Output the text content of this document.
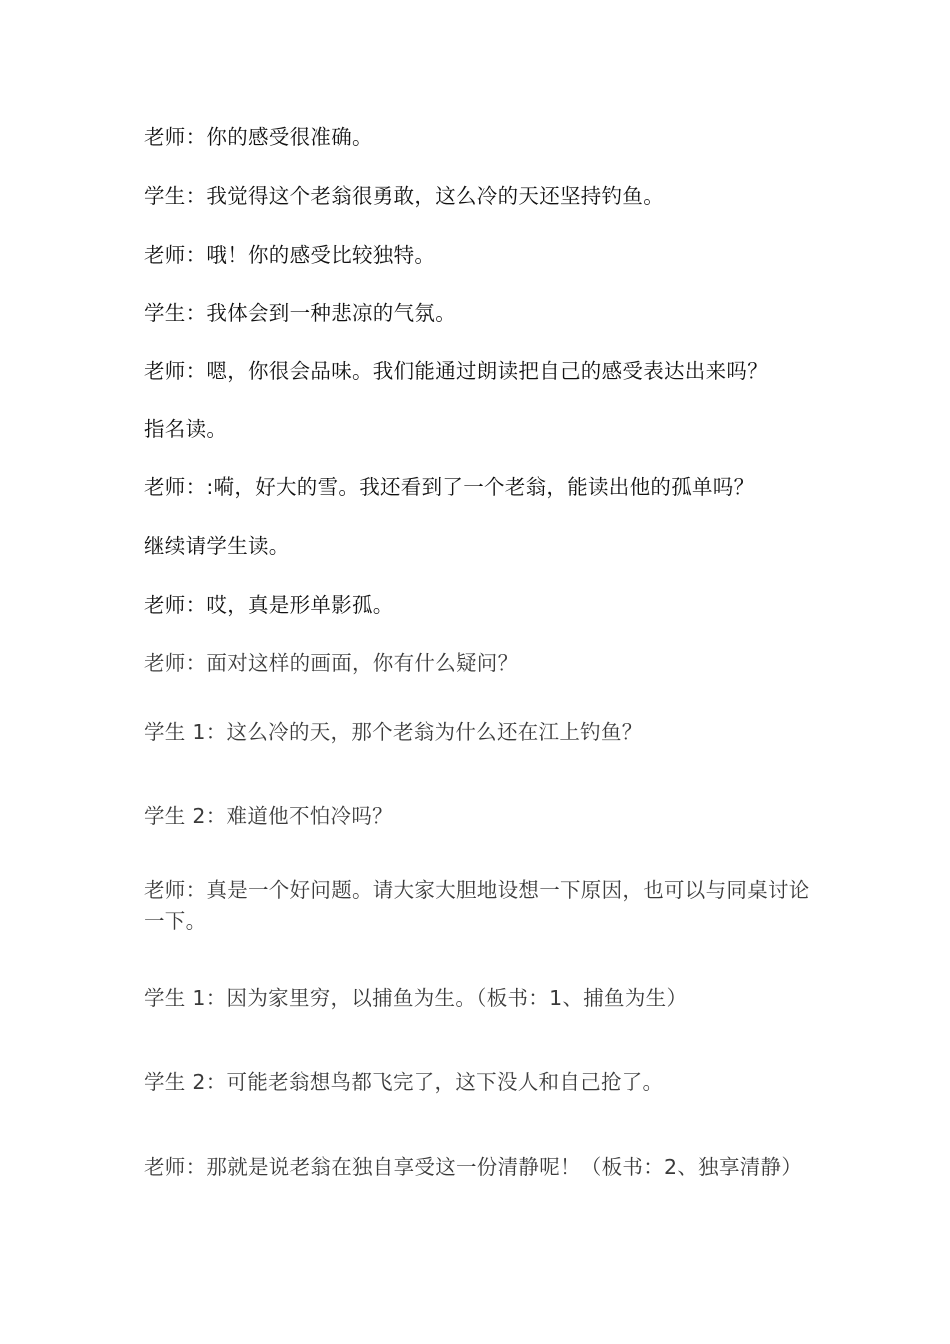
老师：你的感受很准确。
学生：我觉得这个老翁很勇敢，这么冷的天还坚持钓鱼。
老师：哦！你的感受比较独特。
学生：我体会到一种悲凉的气氛。
老师：嗯，你很会品味。我们能通过朗读把自己的感受表达出来吗？
指名读。
老师：:嗬，好大的雪。我还看到了一个老翁，能读出他的孤单吗？
继续请学生读。
老师：哎，真是形单影孤。
老师：面对这样的画面，你有什么疑问？
学生 1：这么冷的天，那个老翁为什么还在江上钓鱼？
学生 2：难道他不怕冷吗？
老师：真是一个好问题。请大家大胆地设想一下原因，也可以与同桌讨论一下。
学生 1：因为家里穷，以捕鱼为生。（板书：1、捕鱼为生）
学生 2：可能老翁想鸟都飞完了，这下没人和自己抢了。
老师：那就是说老翁在独自享受这一份清静呢！（板书：2、独享清静）
